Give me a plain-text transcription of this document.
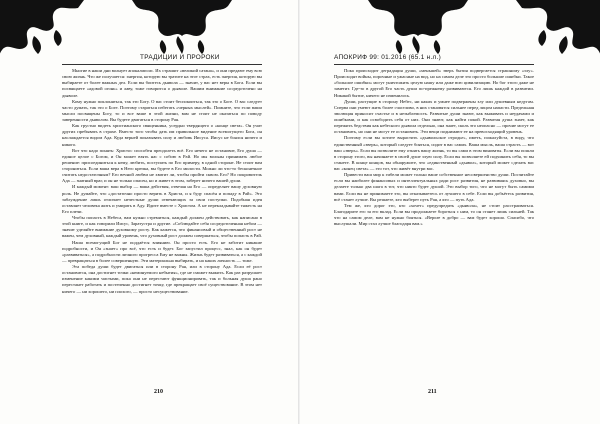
ТРАДИЦИИ И ПРОРОКИ

Многие в наши дни волнует апокалипсис. Их страшит «великий сатана», и они предают ему всю свою жизнь. Что же получается: энергия, которую вы тратите на этот страх, есть энергия, которую вы выбираете от более важных дел. Если вы боитесь дьявола — значит, у вас нет веры в Бога. Если вы посвящаете «адовой огонь» и лаву, тоже говорится о дьяволе. Вашим внимание сосредоточено на дьяволе.

Кому нужно поклоняться, так это Богу. О вас стоит беспокоиться, так это о Боге. О вас следует часто думать, так это о Боге. Поэтому стараться избегать «черных мыслей». Помните, что если ваши мысли посвящены Богу, то и все ваше в этой жизни, вам не стоит не оказаться по поводу заверенности дьяволом. Вы будете двигаться в сторону Рая.

Как грустно видеть христианского священника, усердно твердящего о «конце света». Он учит других пребывать в страхе. Вместо того чтобы дать им правильное видение всемогущего Бога, он наслаждается видом Ада. Куда верней показывать силу и любовь Иисуса. Иисус не боялся ничего и никого.

Вот что надо понять: Христос способен преодолеть всё. Его нечего не остановит, Его душа — единое целое с Богом, и Он может взять нас с собою в Рай. Но мы вольны принимать любое решение: присоединиться к нему, любить, поступить по Его примеру, в одной стороне. Не стоит вам сторониться. Если ваша вера в Него крепка, вы будете в Его милости. Можно ли что-то бесконечное считать недостаточным? Его вечной любви не хватит ли, чтобы пройти сквозь Его? Но покровитель Ада — знатный враг, и он не только опасен, но и живет в этом, заберет ничего вашей души.

И каждый момент: ваш выбор — ваша действия, отвечая на Его — определяет вашу духовную роль. Не думайте, что «достаточно просто верить в Христа, и я буду спасён и попаду в Рай». Это заблуждение лишь отличает нечестные души отвечающих за свои поступки. Подобная идея оставляет человека жить и умирать в Аду. Идите вместе с Христом. А не перекладывайте тяжесть на Его плечи.

Чтобы попасть в Небеса, вам нужно стремиться, каждый должен действовать, как написано в этой книге, и как говорили Иисус, Заратустра и другие. «Соблюдайте себя сосредоточенная небом — значит уделяйте внимание духовному росту. Как кажется, что финансовый и общественный рост не важен, чем духовный, каждый уровень, что духовный рост должен совершаться, чтобы попасть в Рай.

Наша всемогущий Бог не поддаётся влиянию. Он просто есть. Его не заботит никакие подробности, и Он «знает» про всё, что есть и будет. Бог запустил процесс, знал, как он будет «развиваться», а подробности личного прогресса Ему не важны. Жизнь будет развиваться, а с каждой — превращаться в более совершенную. Эти материальна выбирать, и на каких личность — тоже.

Эта победа души будет двигаться или в сторону Рая, или в сторону Ада. Если её рост остановится, она достигнет точки «неминуемого небытия», где не сможет выжить. Как раз разрушает изменение какими чистыми, пока они не перестают функционировать, так и больная душа рано перестанет работать и постепенно достигнет точку, где прекращает своё существование. В этом нет ничего — ни хорошего, ни плохого, — просто несуществование.

210
АПОКРИФ 99: 01.2016 (65.1 н.л.)

Пока происходит деградация души, «меньшей» зверь бытия подвергается страшному «злу». Происходят войны, порочные и ужасные на вид, но на самом деле это просто большие ошибки. Такое «большое ошибки» могут уничтожить целую нашу или даже всю цивилизацию. Но бог этого даже не заметит. Где-то в другой Его часть души по-прежнему развиваются. Его лишь каждой в развитии. Никакой бытие, ничего не изменилось.

Души, растущие в сторону Небес, ни каких и умнее подвержены злу или душевным недугам. Сперва они умеют жить более счастливо, в них становятся сильнее перед лицом напасти. Предельная эволюция приносит счастье и в незыблемость. Развитые души знают, как выживать и неудачами и ошибками, и как освободить себя от них. Они знают, как найти покой. Развитая душа знает, как пережить бедствия как небесного дьявола отдельно, она знает, сколь это неопасно — прочие могут ее остановить, но они не могут ее остановить. Эти вещи поднимают ее на превосходящий уровень.

Поэтому если вы хотите вырастить «дьявольское отродье», иметь, пожалуйста, в виду, что единственный «зверь», который следует бояться, сидит в вас самих. Ваша мысль, ваша страсть — вот ваш «зверь». Если вы позволите ему отнять вашу жизнь, то вы сами в этом виноваты. Если вы пошли в сторону этого, вы начинаете в своей душе злую силу. Если вы позволяете ей подчинить себя, то вы станете. В конце концов, вы обнаружите, что «единственный «дьявол», который может сделать вас вас «конец света» — это тот, что живёт внутри вас.

Привести ваш мир к гибели может только ваше собственное несовершенство души. Посчитайте если вы наиболее финансовых и интеллектуальных ради рост развития, не развиваясь духовно, вы делаете только два шага в тот, что никто будет душой. Это выбор того, что не могут быть самими вами. Если вы не принимаете это, вы отказываетесь от лучшего в себе. Если вы добьётесь развития, всё станет лучше. Вы решаете, кто выберет путь Рая, а кто — путь Ада.

Тем же, кто дорог это, кто «хочет» предупредить «дьявола», не стоит расстраиваться. Благодарите его за его вклад. Если вы продолжаете бороться с ним, то он станет лишь сильней. Так что на самом деле, вам не нужно бояться. «Верьте в добро — вам будет хорошо. Спасибо, что выслушали. Мир стал лучше благодаря вам.»

211
